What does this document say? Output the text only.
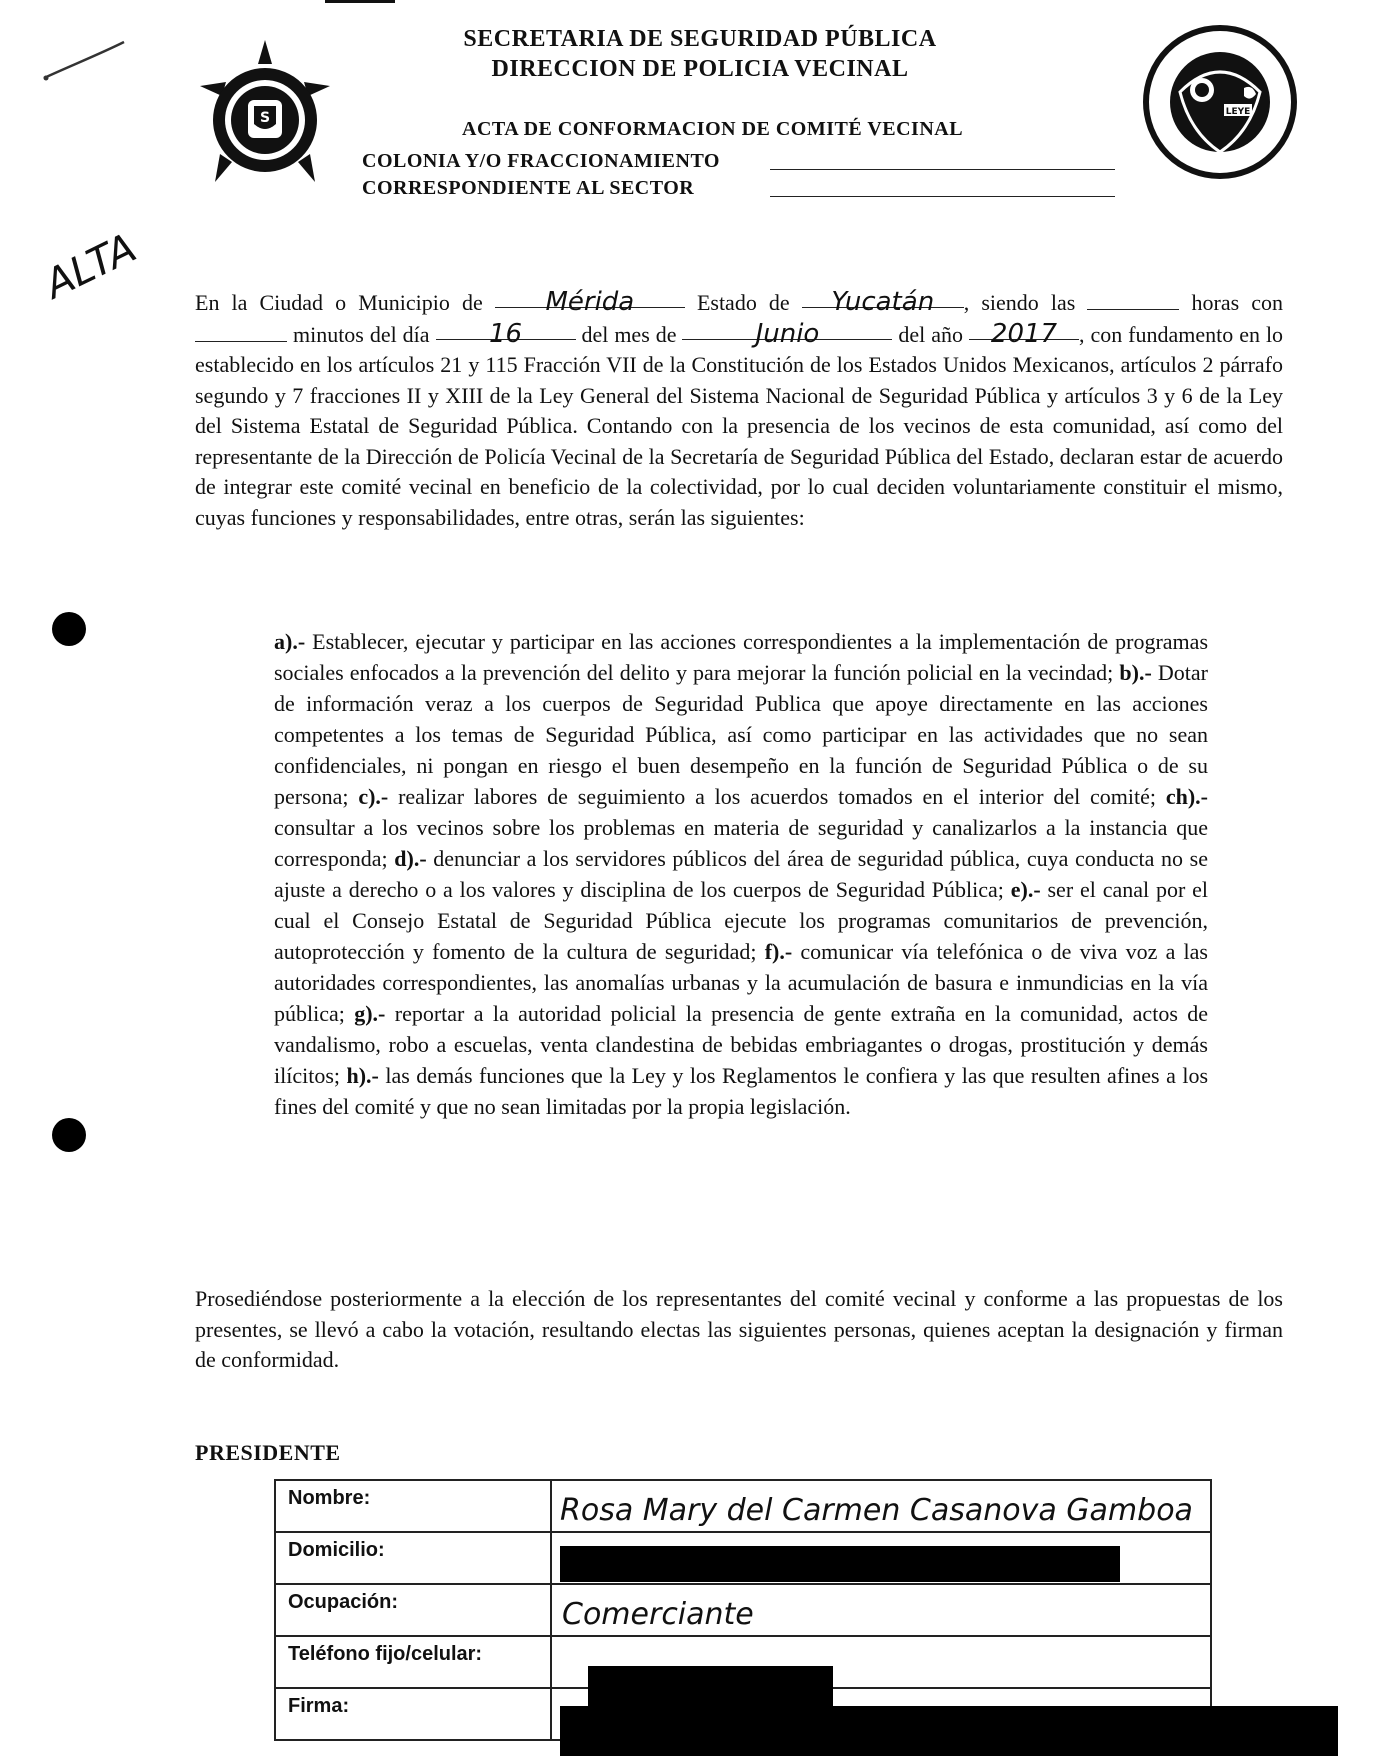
S	LEYE
SECRETARIA DE SEGURIDAD PÚBLICA
DIRECCION DE POLICIA VECINAL
ACTA DE CONFORMACION DE COMITÉ VECINAL
COLONIA Y/O FRACCIONAMIENTO
CORRESPONDIENTE AL SECTOR
ALTA En la Ciudad o Municipio de Mérida	Estado de Yucatán , siendo las	horas con  minutos del día 16	del mes de	Junio	del año 2017 , con fundamento en lo establecido en los artículos 21 y 115 Fracción VII de la Constitución de los Estados Unidos Mexicanos, artículos 2 párrafo segundo y 7 fracciones II y XIII de la Ley General del Sistema Nacional de Seguridad Pública y artículos 3 y 6 de la Ley del Sistema Estatal de Seguridad Pública. Contando con la presencia de los vecinos de esta comunidad, así como del representante de la Dirección de Policía Vecinal de la Secretaría de Seguridad Pública del Estado, declaran estar de acuerdo de integrar este comité vecinal en beneficio de la colectividad, por lo cual deciden voluntariamente constituir el mismo, cuyas funciones y responsabilidades, entre otras, serán las siguientes:
a).- Establecer, ejecutar y participar en las acciones correspondientes a la implementación de programas sociales enfocados a la prevención del delito y para mejorar la función policial en la vecindad; b).- Dotar de información veraz a los cuerpos de Seguridad Publica que apoye directamente en las acciones competentes a los temas de Seguridad Pública, así como participar en las actividades que no sean confidenciales, ni pongan en riesgo el buen desempeño en la función de Seguridad Pública o de su persona; c).- realizar labores de seguimiento a los acuerdos tomados en el interior del comité; ch).- consultar a los vecinos sobre los problemas en materia de seguridad y canalizarlos a la instancia que corresponda; d).- denunciar a los servidores públicos del área de seguridad pública, cuya conducta no se ajuste a derecho o a los valores y disciplina de los cuerpos de Seguridad Pública; e).- ser el canal por el cual el Consejo Estatal de Seguridad Pública ejecute los programas comunitarios de prevención, autoprotección y fomento de la cultura de seguridad; f).- comunicar vía telefónica o de viva voz a las autoridades correspondientes, las anomalías urbanas y la acumulación de basura e inmundicias en la vía pública; g).- reportar a la autoridad policial la presencia de gente extraña en la comunidad, actos de vandalismo, robo a escuelas, venta clandestina de bebidas embriagantes o drogas, prostitución y demás ilícitos; h).- las demás funciones que la Ley y los Reglamentos le confiera y las que resulten afines a los fines del comité y que no sean limitadas por la propia legislación.
Prosediéndose posteriormente a la elección de los representantes del comité vecinal y conforme a las propuestas de los presentes, se llevó a cabo la votación, resultando electas las siguientes personas, quienes aceptan la designación y firman de conformidad.
PRESIDENTE
Nombre:	Rosa Mary del Carmen Casanova Gamboa

Domicilio:	
Ocupación:	Comerciante

Teléfono fijo/celular:	
Firma:	
